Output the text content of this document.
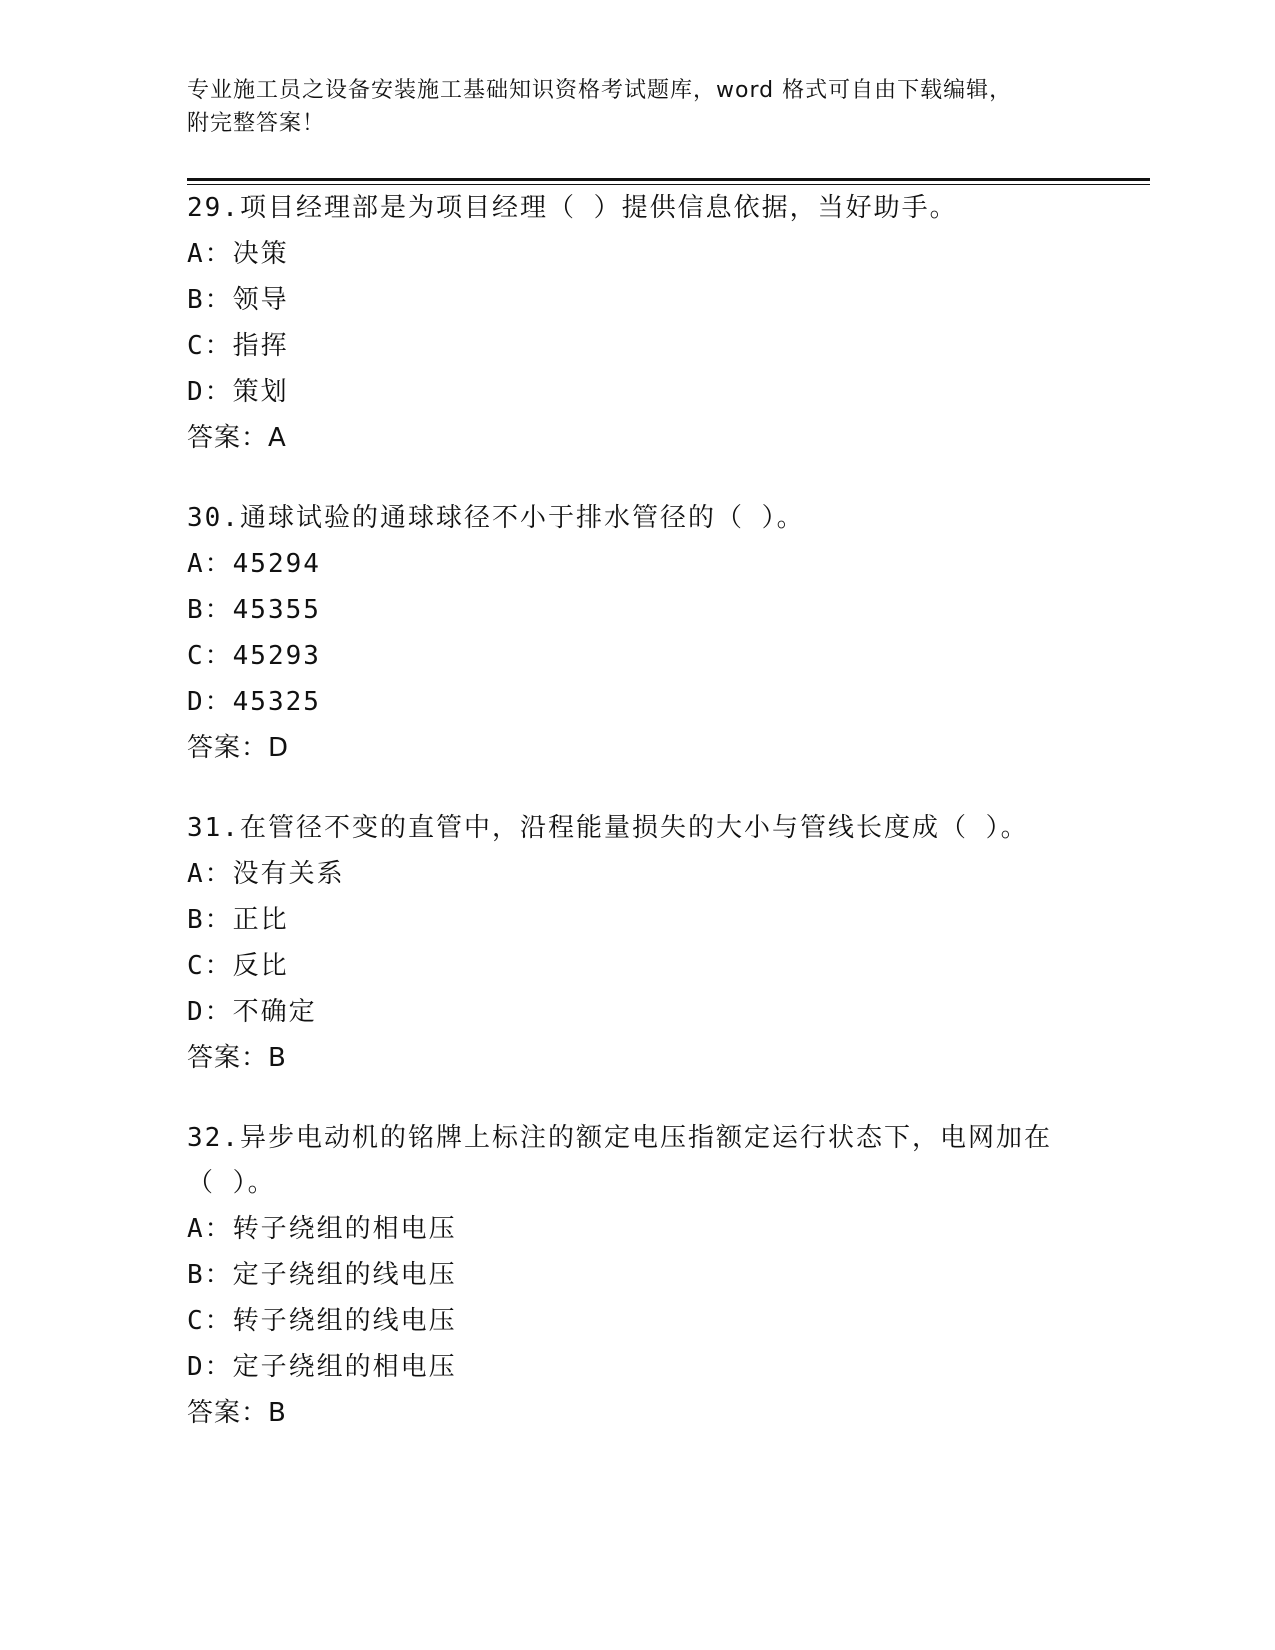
专业施工员之设备安装施工基础知识资格考试题库，word 格式可自由下载编辑，
附完整答案！

29.项目经理部是为项目经理（ ）提供信息依据，当好助手。

A：决策

B：领导

C：指挥

D：策划

答案：A

30.通球试验的通球球径不小于排水管径的（ ）。

A：45294

B：45355

C：45293

D：45325

答案：D

31.在管径不变的直管中，沿程能量损失的大小与管线长度成（ ）。

A：没有关系

B：正比

C：反比

D：不确定

答案：B

32.异步电动机的铭牌上标注的额定电压指额定运行状态下，电网加在（ ）。

A：转子绕组的相电压

B：定子绕组的线电压

C：转子绕组的线电压

D：定子绕组的相电压

答案：B
